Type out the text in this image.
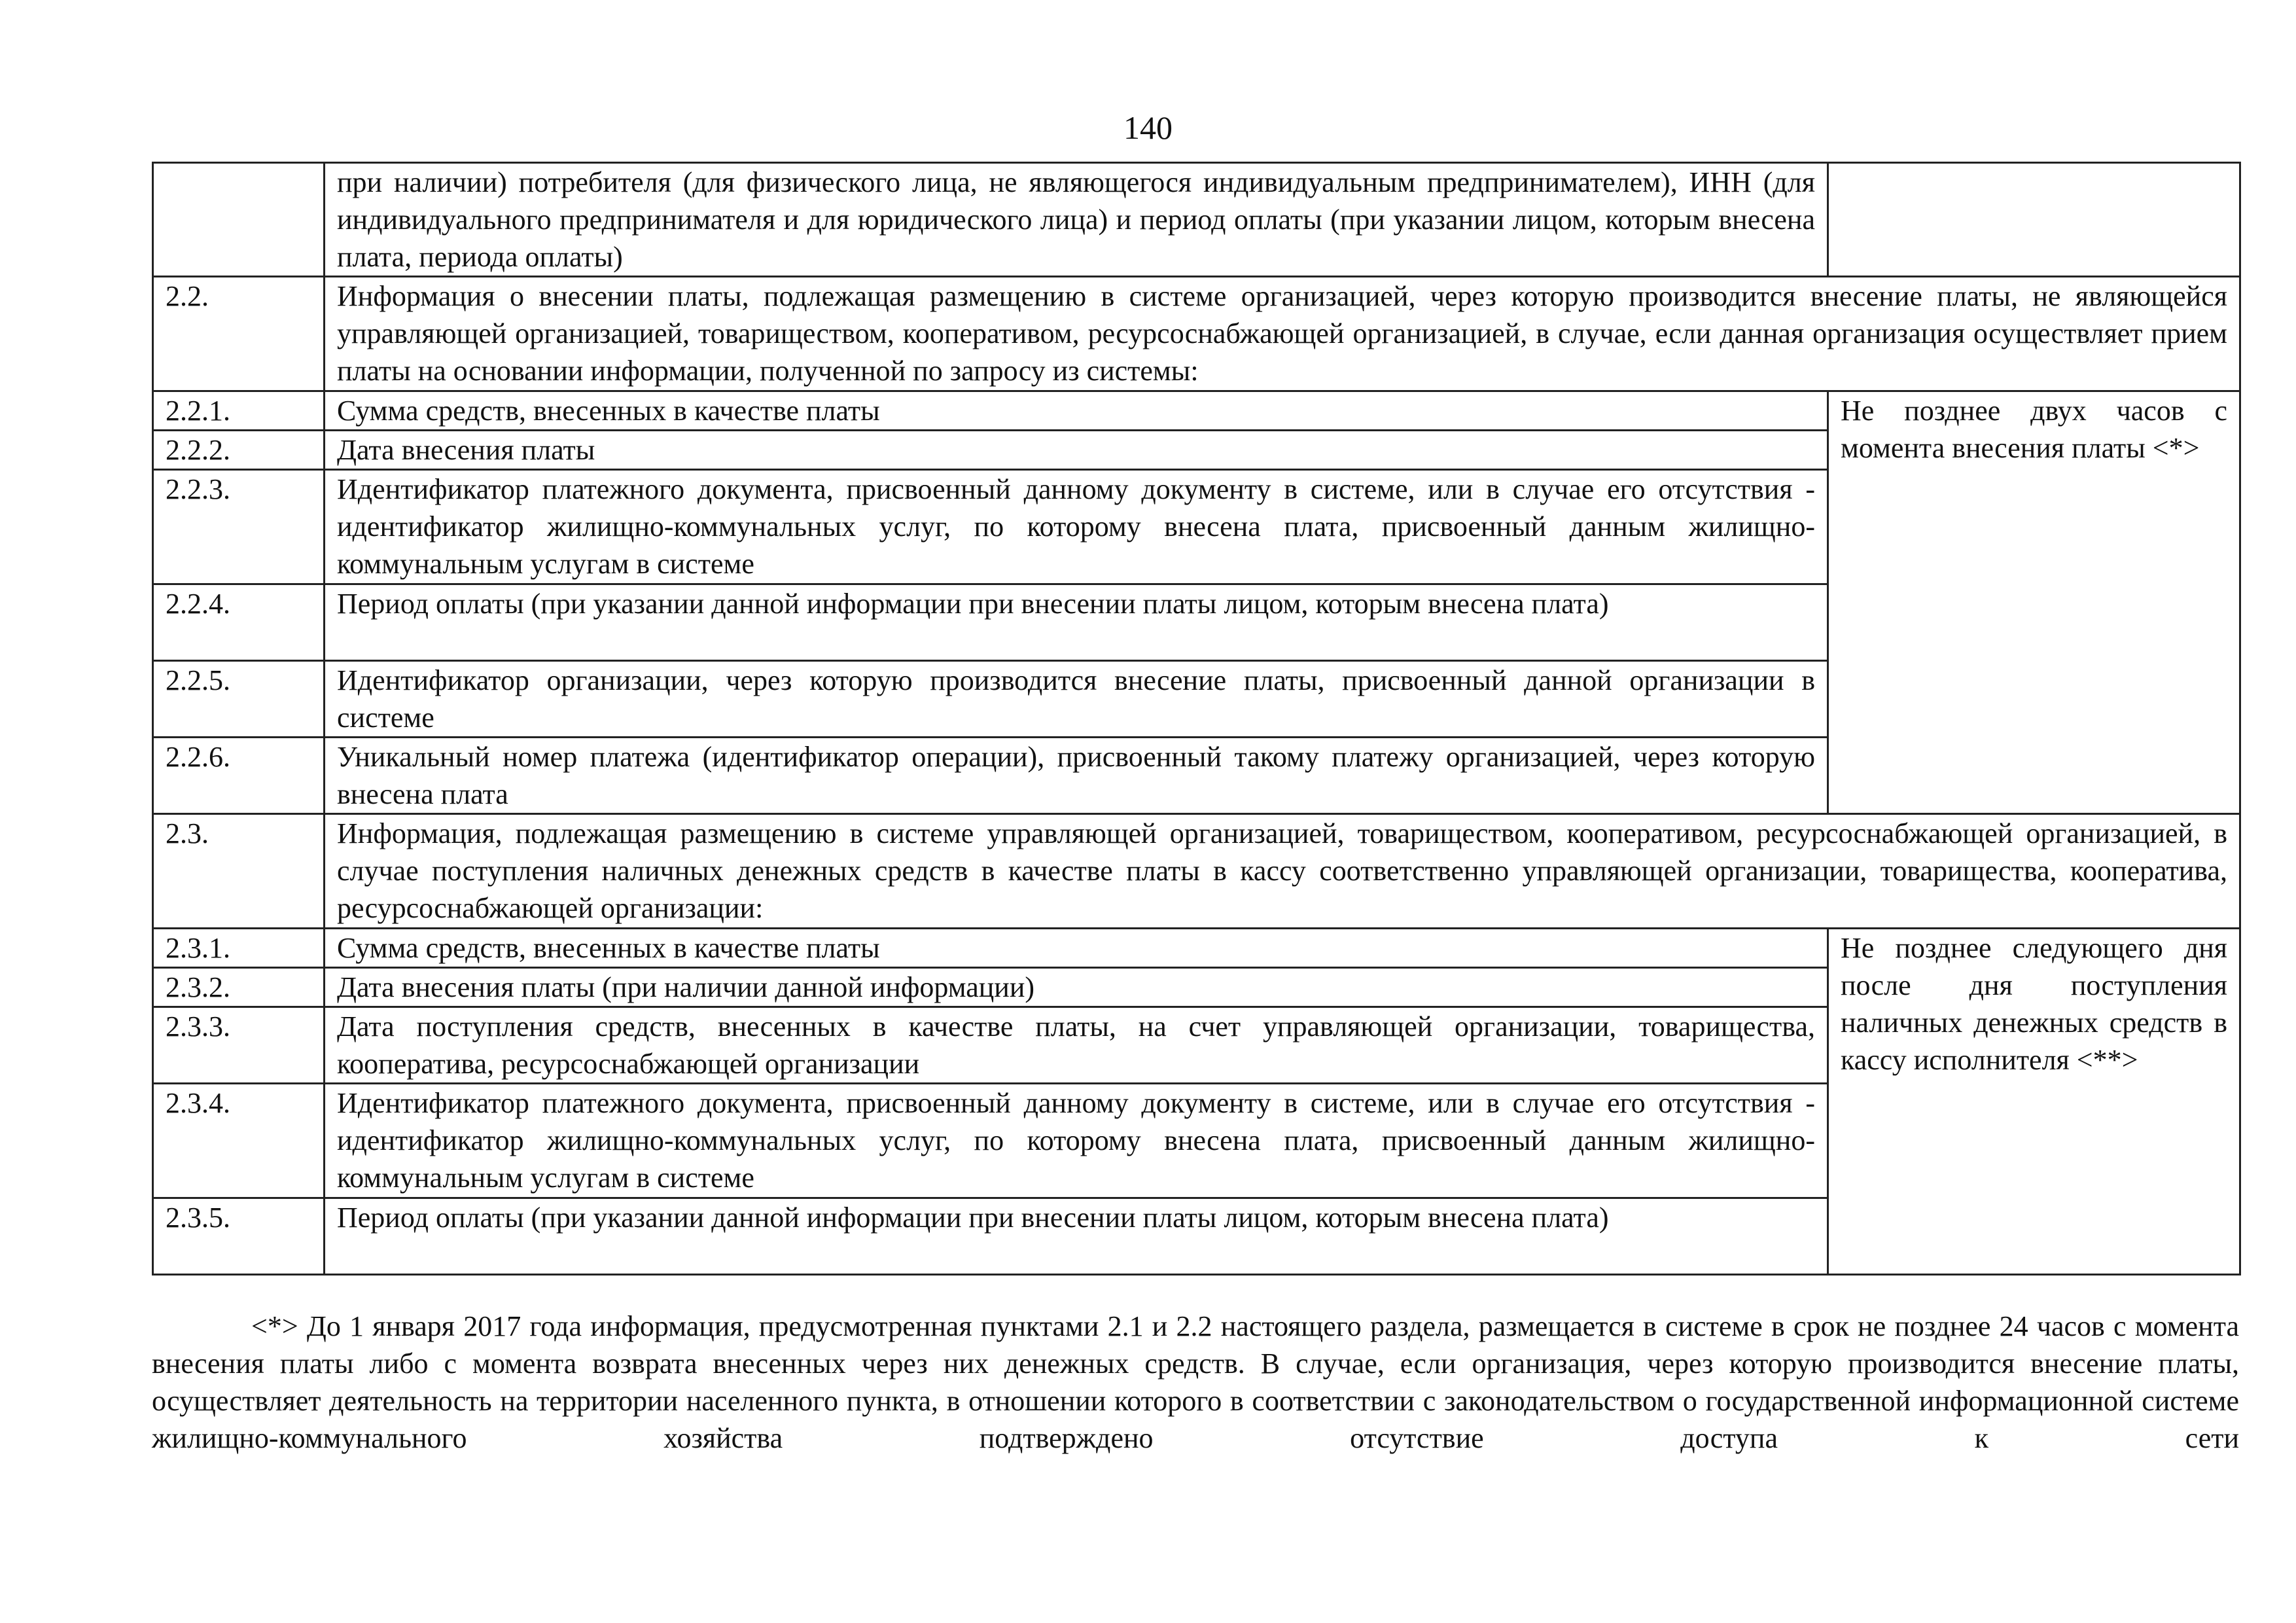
140
	при наличии) потребителя (для физического лица, не являющегося индивидуальным предпринимателем), ИНН (для индивидуального предпринимателя и для юридического лица) и период оплаты (при указании лицом, которым внесена плата, периода оплаты)	
2.2.	Информация о внесении платы, подлежащая размещению в системе организацией, через которую производится внесение платы, не являющейся управляющей организацией, товариществом, кооперативом, ресурсоснабжающей организацией, в случае, если данная организация осуществляет прием платы на основании информации, полученной по запросу из системы:	
2.2.1.	Сумма средств, внесенных в качестве платы	Не позднее двух часов с момента внесения платы <*>
2.2.2.	Дата внесения платы	
2.2.3.	Идентификатор платежного документа, присвоенный данному документу в системе, или в случае его отсутствия - идентификатор жилищно-коммунальных услуг, по которому внесена плата, присвоенный данным жилищно-коммунальным услугам в системе	
2.2.4.	Период оплаты (при указании данной информации при внесении платы лицом, которым внесена плата)	
2.2.5.	Идентификатор организации, через которую производится внесение платы, присвоенный данной организации в системе	
2.2.6.	Уникальный номер платежа (идентификатор операции), присвоенный такому платежу организацией, через которую внесена плата	
2.3.	Информация, подлежащая размещению в системе управляющей организацией, товариществом, кооперативом, ресурсоснабжающей организацией, в случае поступления наличных денежных средств в качестве платы в кассу соответственно управляющей организации, товарищества, кооператива, ресурсоснабжающей организации:	
2.3.1.	Сумма средств, внесенных в качестве платы	Не позднее следующего дня после дня поступления наличных денежных средств в кассу исполнителя <**>
2.3.2.	Дата внесения платы (при наличии данной информации)	
2.3.3.	Дата поступления средств, внесенных в качестве платы, на счет управляющей организации, товарищества, кооператива, ресурсоснабжающей организации	
2.3.4.	Идентификатор платежного документа, присвоенный данному документу в системе, или в случае его отсутствия - идентификатор жилищно-коммунальных услуг, по которому внесена плата, присвоенный данным жилищно-коммунальным услугам в системе	
2.3.5.	Период оплаты (при указании данной информации при внесении платы лицом, которым внесена плата)	
<*> До 1 января 2017 года информация, предусмотренная пунктами 2.1 и 2.2 настоящего раздела, размещается в системе в срок не позднее 24 часов с момента внесения платы либо с момента возврата внесенных через них денежных средств. В случае, если организация, через которую производится внесение платы, осуществляет деятельность на территории населенного пункта, в отношении которого в соответствии с законодательством о государственной информационной системе жилищно-коммунального хозяйства подтверждено отсутствие доступа к сети
